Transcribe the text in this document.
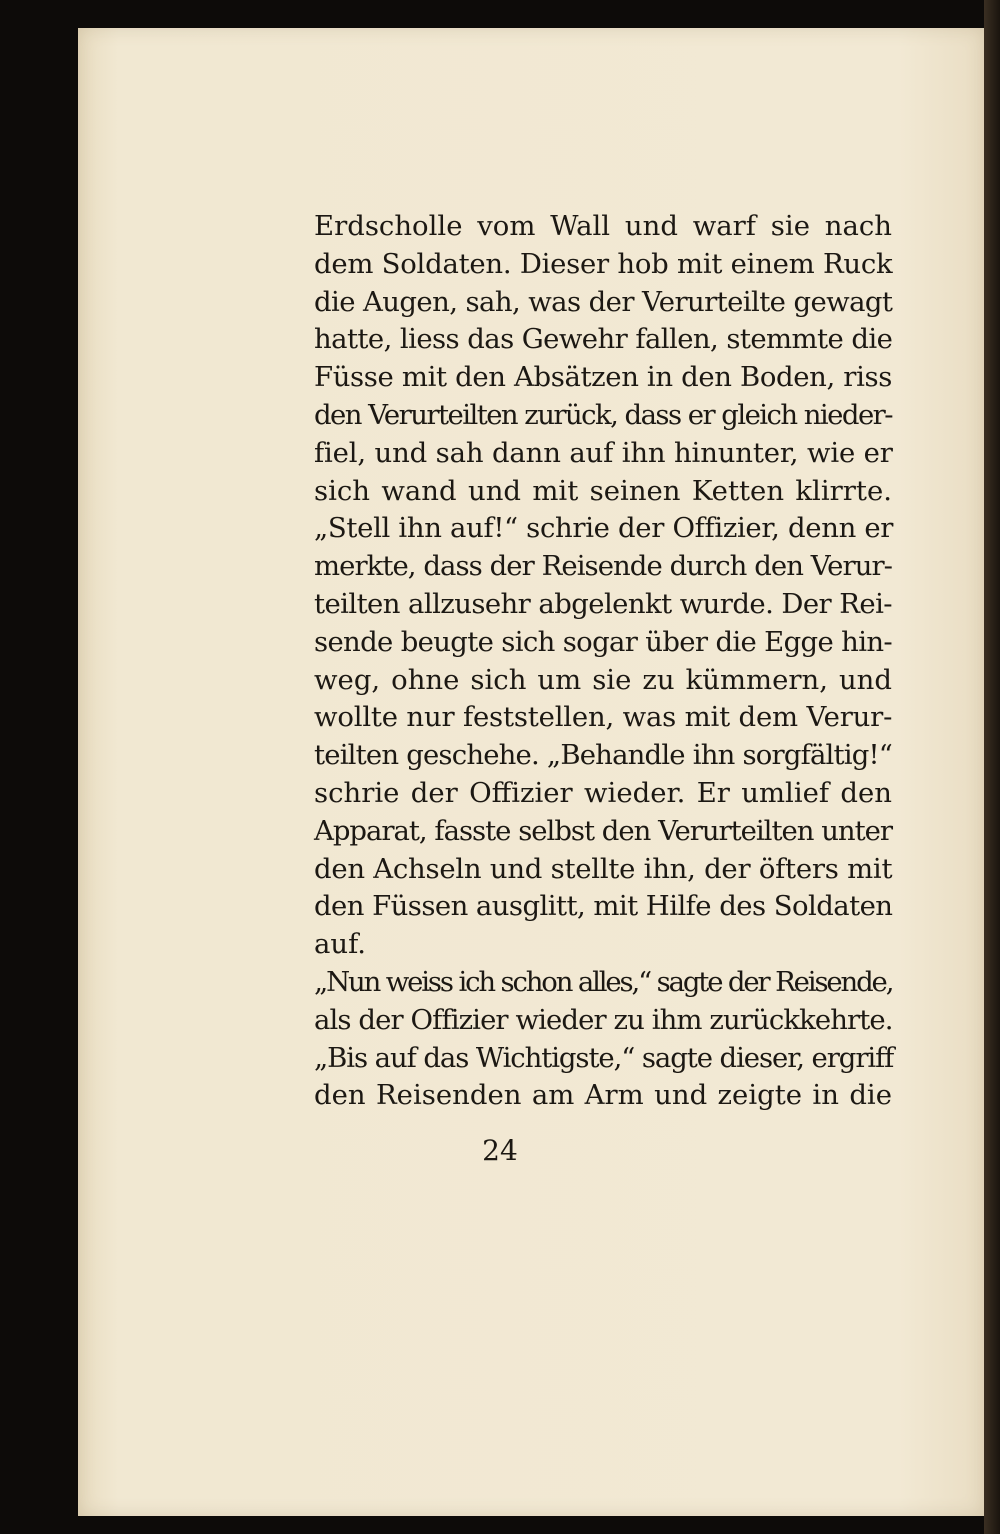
Erdscholle vom Wall und warf sie nach
dem Soldaten. Dieser hob mit einem Ruck
die Augen, sah, was der Verurteilte gewagt
hatte, liess das Gewehr fallen, stemmte die
Füsse mit den Absätzen in den Boden, riss
den Verurteilten zurück, dass er gleich nieder-
fiel, und sah dann auf ihn hinunter, wie er
sich wand und mit seinen Ketten klirrte.
„Stell ihn auf!“ schrie der Offizier, denn er
merkte, dass der Reisende durch den Verur-
teilten allzusehr abgelenkt wurde. Der Rei-
sende beugte sich sogar über die Egge hin-
weg, ohne sich um sie zu kümmern, und
wollte nur feststellen, was mit dem Verur-
teilten geschehe. „Behandle ihn sorgfältig!“
schrie der Offizier wieder. Er umlief den
Apparat, fasste selbst den Verurteilten unter
den Achseln und stellte ihn, der öfters mit
den Füssen ausglitt, mit Hilfe des Soldaten
auf.
„Nun weiss ich schon alles,“ sagte der Reisende,
als der Offizier wieder zu ihm zurückkehrte.
„Bis auf das Wichtigste,“ sagte dieser, ergriff
den Reisenden am Arm und zeigte in die
24
